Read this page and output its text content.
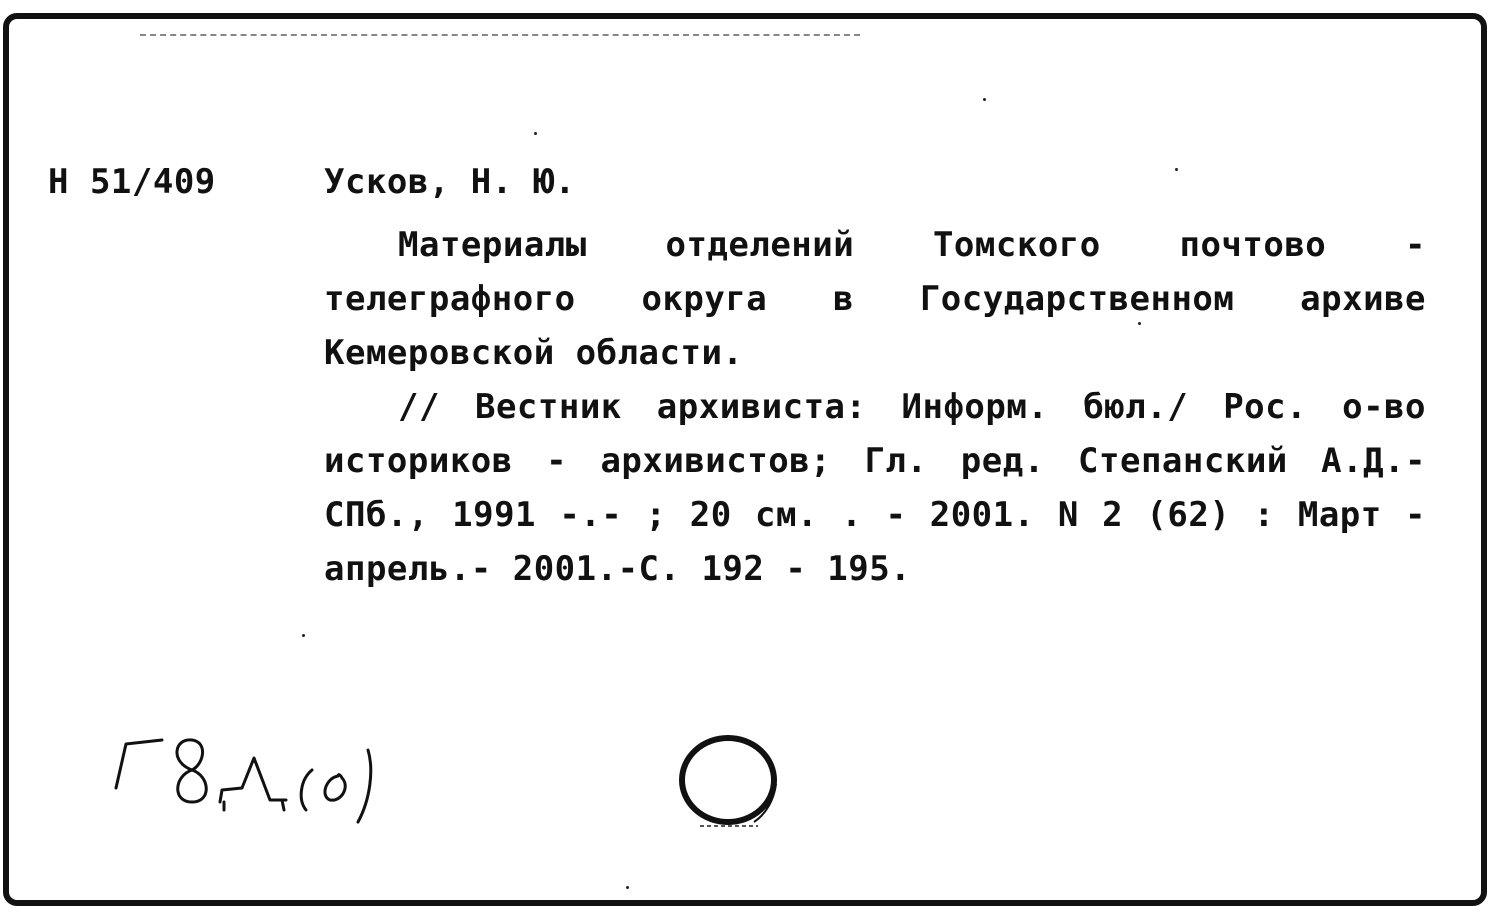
Н 51/409	Усков, Н. Ю.

Материалы отделений Томского почтово - телеграфного округа в Государственном архиве Кемеровской области.

// Вестник архивиста: Информ. бюл./ Рос. о-во историков - архивистов; Гл. ред. Степанский А.Д.- СПб., 1991 -.- ; 20 см. . - 2001. N 2 (62) : Март - апрель.- 2001.-С. 192 - 195.
